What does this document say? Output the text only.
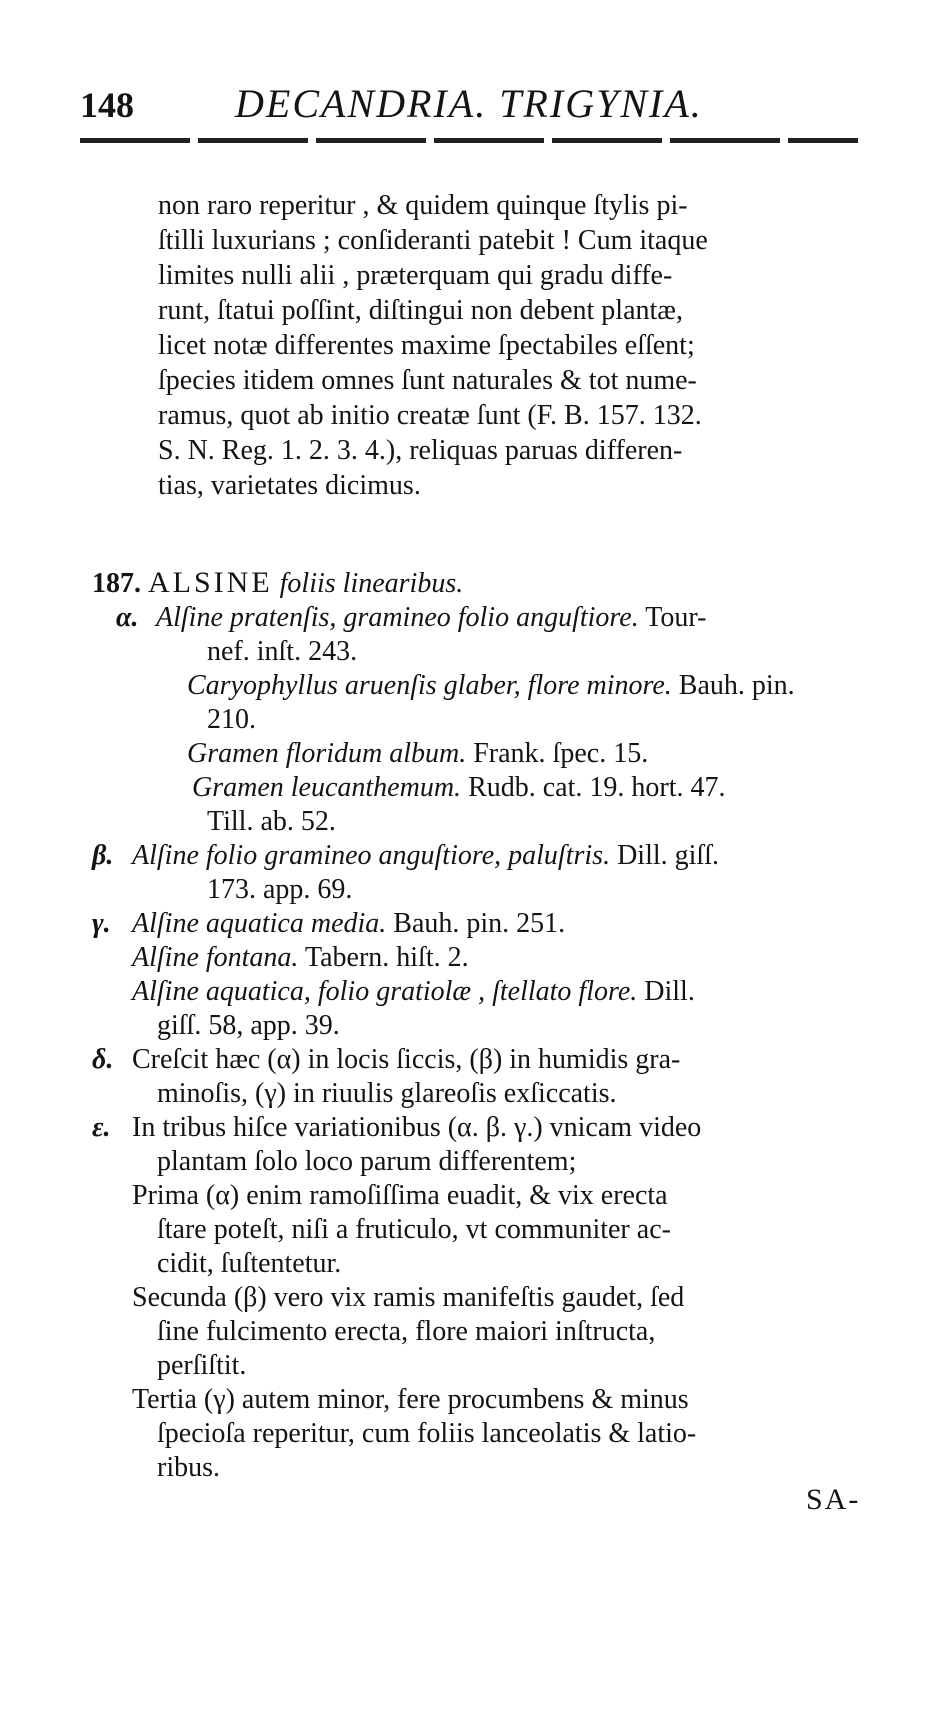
148	DECANDRIA. TRIGYNIA.

non raro reperitur , & quidem quinque ſtylis pi-

ſtilli luxurians ; conſideranti patebit ! Cum itaque

limites nulli alii , præterquam qui gradu diffe-

runt, ſtatui poſſint, diſtingui non debent plantæ,

licet notæ differentes maxime ſpectabiles eſſent;

ſpecies itidem omnes ſunt naturales & tot nume-

ramus, quot ab initio creatæ ſunt (F. B. 157. 132.

S. N. Reg. 1. 2. 3. 4.), reliquas paruas differen-

tias, varietates dicimus.

187. ALSINE foliis linearibus.
α. Alſine pratenſis, gramineo folio anguſtiore. Tour-
nef. inſt. 243.
Caryophyllus aruenſis glaber, flore minore. Bauh. pin.
210.
Gramen floridum album. Frank. ſpec. 15.
Gramen leucanthemum. Rudb. cat. 19. hort. 47.
Till. ab. 52.
β. Alſine folio gramineo anguſtiore, paluſtris. Dill. giſſ.
173. app. 69.
γ. Alſine aquatica media. Bauh. pin. 251.
Alſine fontana. Tabern. hiſt. 2.
Alſine aquatica, folio gratiolæ , ſtellato flore. Dill.
giſſ. 58, app. 39.
δ. Creſcit hæc (α) in locis ſiccis, (β) in humidis gra-
minoſis, (γ) in riuulis glareoſis exſiccatis.
ε. In tribus hiſce variationibus (α. β. γ.) vnicam video
plantam ſolo loco parum differentem;
Prima (α) enim ramoſiſſima euadit, & vix erecta
ſtare poteſt, niſi a fruticulo, vt communiter ac-
cidit, ſuſtentetur.
Secunda (β) vero vix ramis manifeſtis gaudet, ſed
ſine fulcimento erecta, flore maiori inſtructa,
perſiſtit.
Tertia (γ) autem minor, fere procumbens & minus
ſpecioſa reperitur, cum foliis lanceolatis & latio-
ribus.
SA-
